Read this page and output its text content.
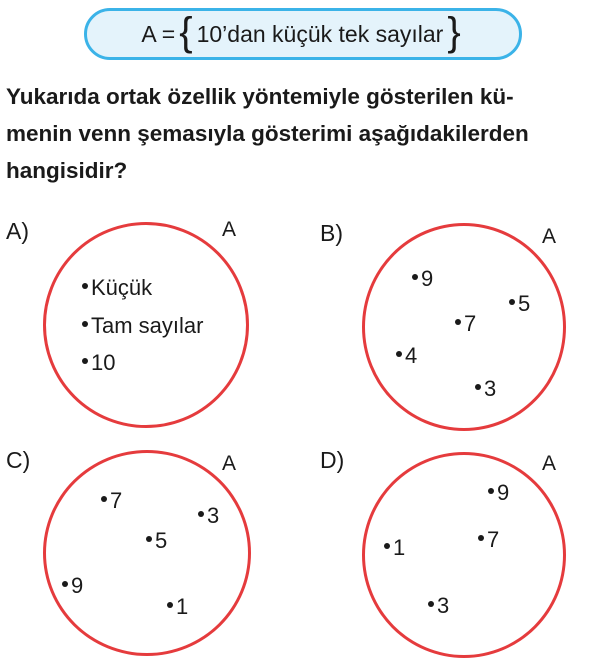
A = { 10’dan küçük tek sayılar }
Yukarıda ortak özellik yöntemiyle gösterilen kü-
menin venn şemasıyla gösterimi aşağıdakilerden
hangisidir?
A)	A
Küçük
Tam sayılar
10
B)	A
9
5
7
4
3
C)	A
7
3
5
9
1
D)	A
9
1	7
3
